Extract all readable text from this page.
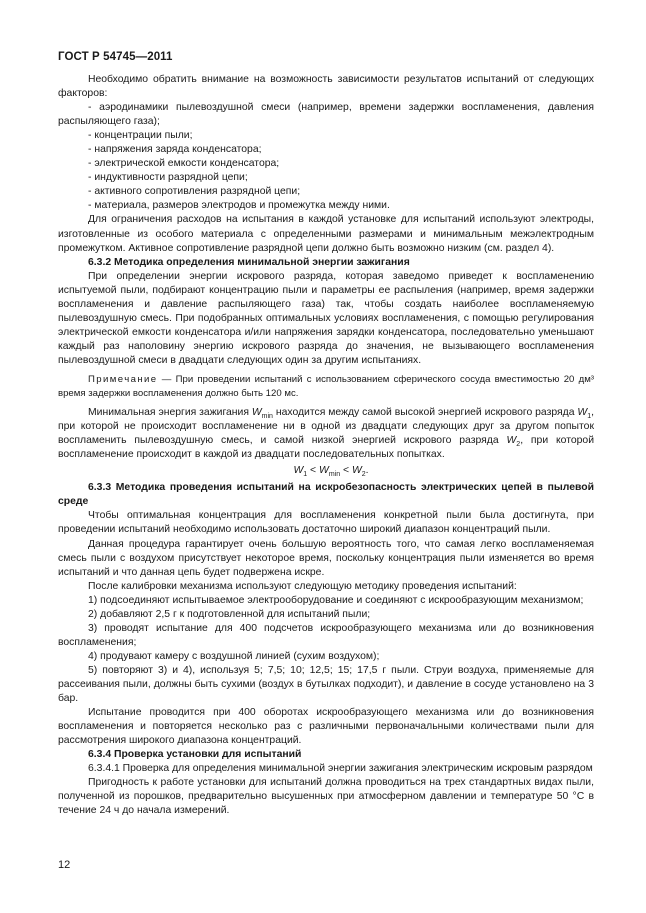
ГОСТ Р 54745—2011

Необходимо обратить внимание на возможность зависимости результатов испытаний от следующих факторов:

- аэродинамики пылевоздушной смеси (например, времени задержки воспламенения, давления распыляющего газа);

- концентрации пыли;

- напряжения заряда конденсатора;

- электрической емкости конденсатора;

- индуктивности разрядной цепи;

- активного сопротивления разрядной цепи;

- материала, размеров электродов и промежутка между ними.

Для ограничения расходов на испытания в каждой установке для испытаний используют электроды, изготовленные из особого материала с определенными размерами и минимальным межэлектродным промежутком. Активное сопротивление разрядной цепи должно быть возможно низким (см. раздел 4).

6.3.2 Методика определения минимальной энергии зажигания

При определении энергии искрового разряда, которая заведомо приведет к воспламенению испытуемой пыли, подбирают концентрацию пыли и параметры ее распыления (например, время задержки воспламенения и давление распыляющего газа) так, чтобы создать наиболее воспламеняемую пылевоздушную смесь. При подобранных оптимальных условиях воспламенения, с помощью регулирования электрической емкости конденсатора и/или напряжения зарядки конденсатора, последовательно уменьшают каждый раз наполовину энергию искрового разряда до значения, не вызывающего воспламенения пылевоздушной смеси в двадцати следующих один за другим испытаниях.

Примечание — При проведении испытаний с использованием сферического сосуда вместимостью 20 дм³ время задержки воспламенения должно быть 120 мс.

Минимальная энергия зажигания $W_{min}$ находится между самой высокой энергией искрового разряда $W_1$, при которой не происходит воспламенение ни в одной из двадцати следующих друг за другом попыток воспламенить пылевоздушную смесь, и самой низкой энергией искрового разряда $W_2$, при которой воспламенение происходит в каждой из двадцати последовательных попытках.

$W_1 < W_{min} < W_2$.

6.3.3 Методика проведения испытаний на искробезопасность электрических цепей в пылевой среде

Чтобы оптимальная концентрация для воспламенения конкретной пыли была достигнута, при проведении испытаний необходимо использовать достаточно широкий диапазон концентраций пыли.

Данная процедура гарантирует очень большую вероятность того, что самая легко воспламеняемая смесь пыли с воздухом присутствует некоторое время, поскольку концентрация пыли изменяется во время испытаний и что данная цепь будет подвержена искре.

После калибровки механизма используют следующую методику проведения испытаний:

1) подсоединяют испытываемое электрооборудование и соединяют с искрообразующим механизмом;

2) добавляют 2,5 г к подготовленной для испытаний пыли;

3) проводят испытание для 400 подсчетов искрообразующего механизма или до возникновения воспламенения;

4) продувают камеру с воздушной линией (сухим воздухом);

5) повторяют 3) и 4), используя 5; 7,5; 10; 12,5; 15; 17,5 г пыли. Струи воздуха, применяемые для рассеивания пыли, должны быть сухими (воздух в бутылках подходит), и давление в сосуде установлено на 3 бар.

Испытание проводится при 400 оборотах искрообразующего механизма или до возникновения воспламенения и повторяется несколько раз с различными первоначальными количествами пыли для рассмотрения широкого диапазона концентраций.

6.3.4 Проверка установки для испытаний

6.3.4.1 Проверка для определения минимальной энергии зажигания электрическим искровым разрядом

Пригодность к работе установки для испытаний должна проводиться на трех стандартных видах пыли, полученной из порошков, предварительно высушенных при атмосферном давлении и температуре 50 °С в течение 24 ч до начала измерений.

12
